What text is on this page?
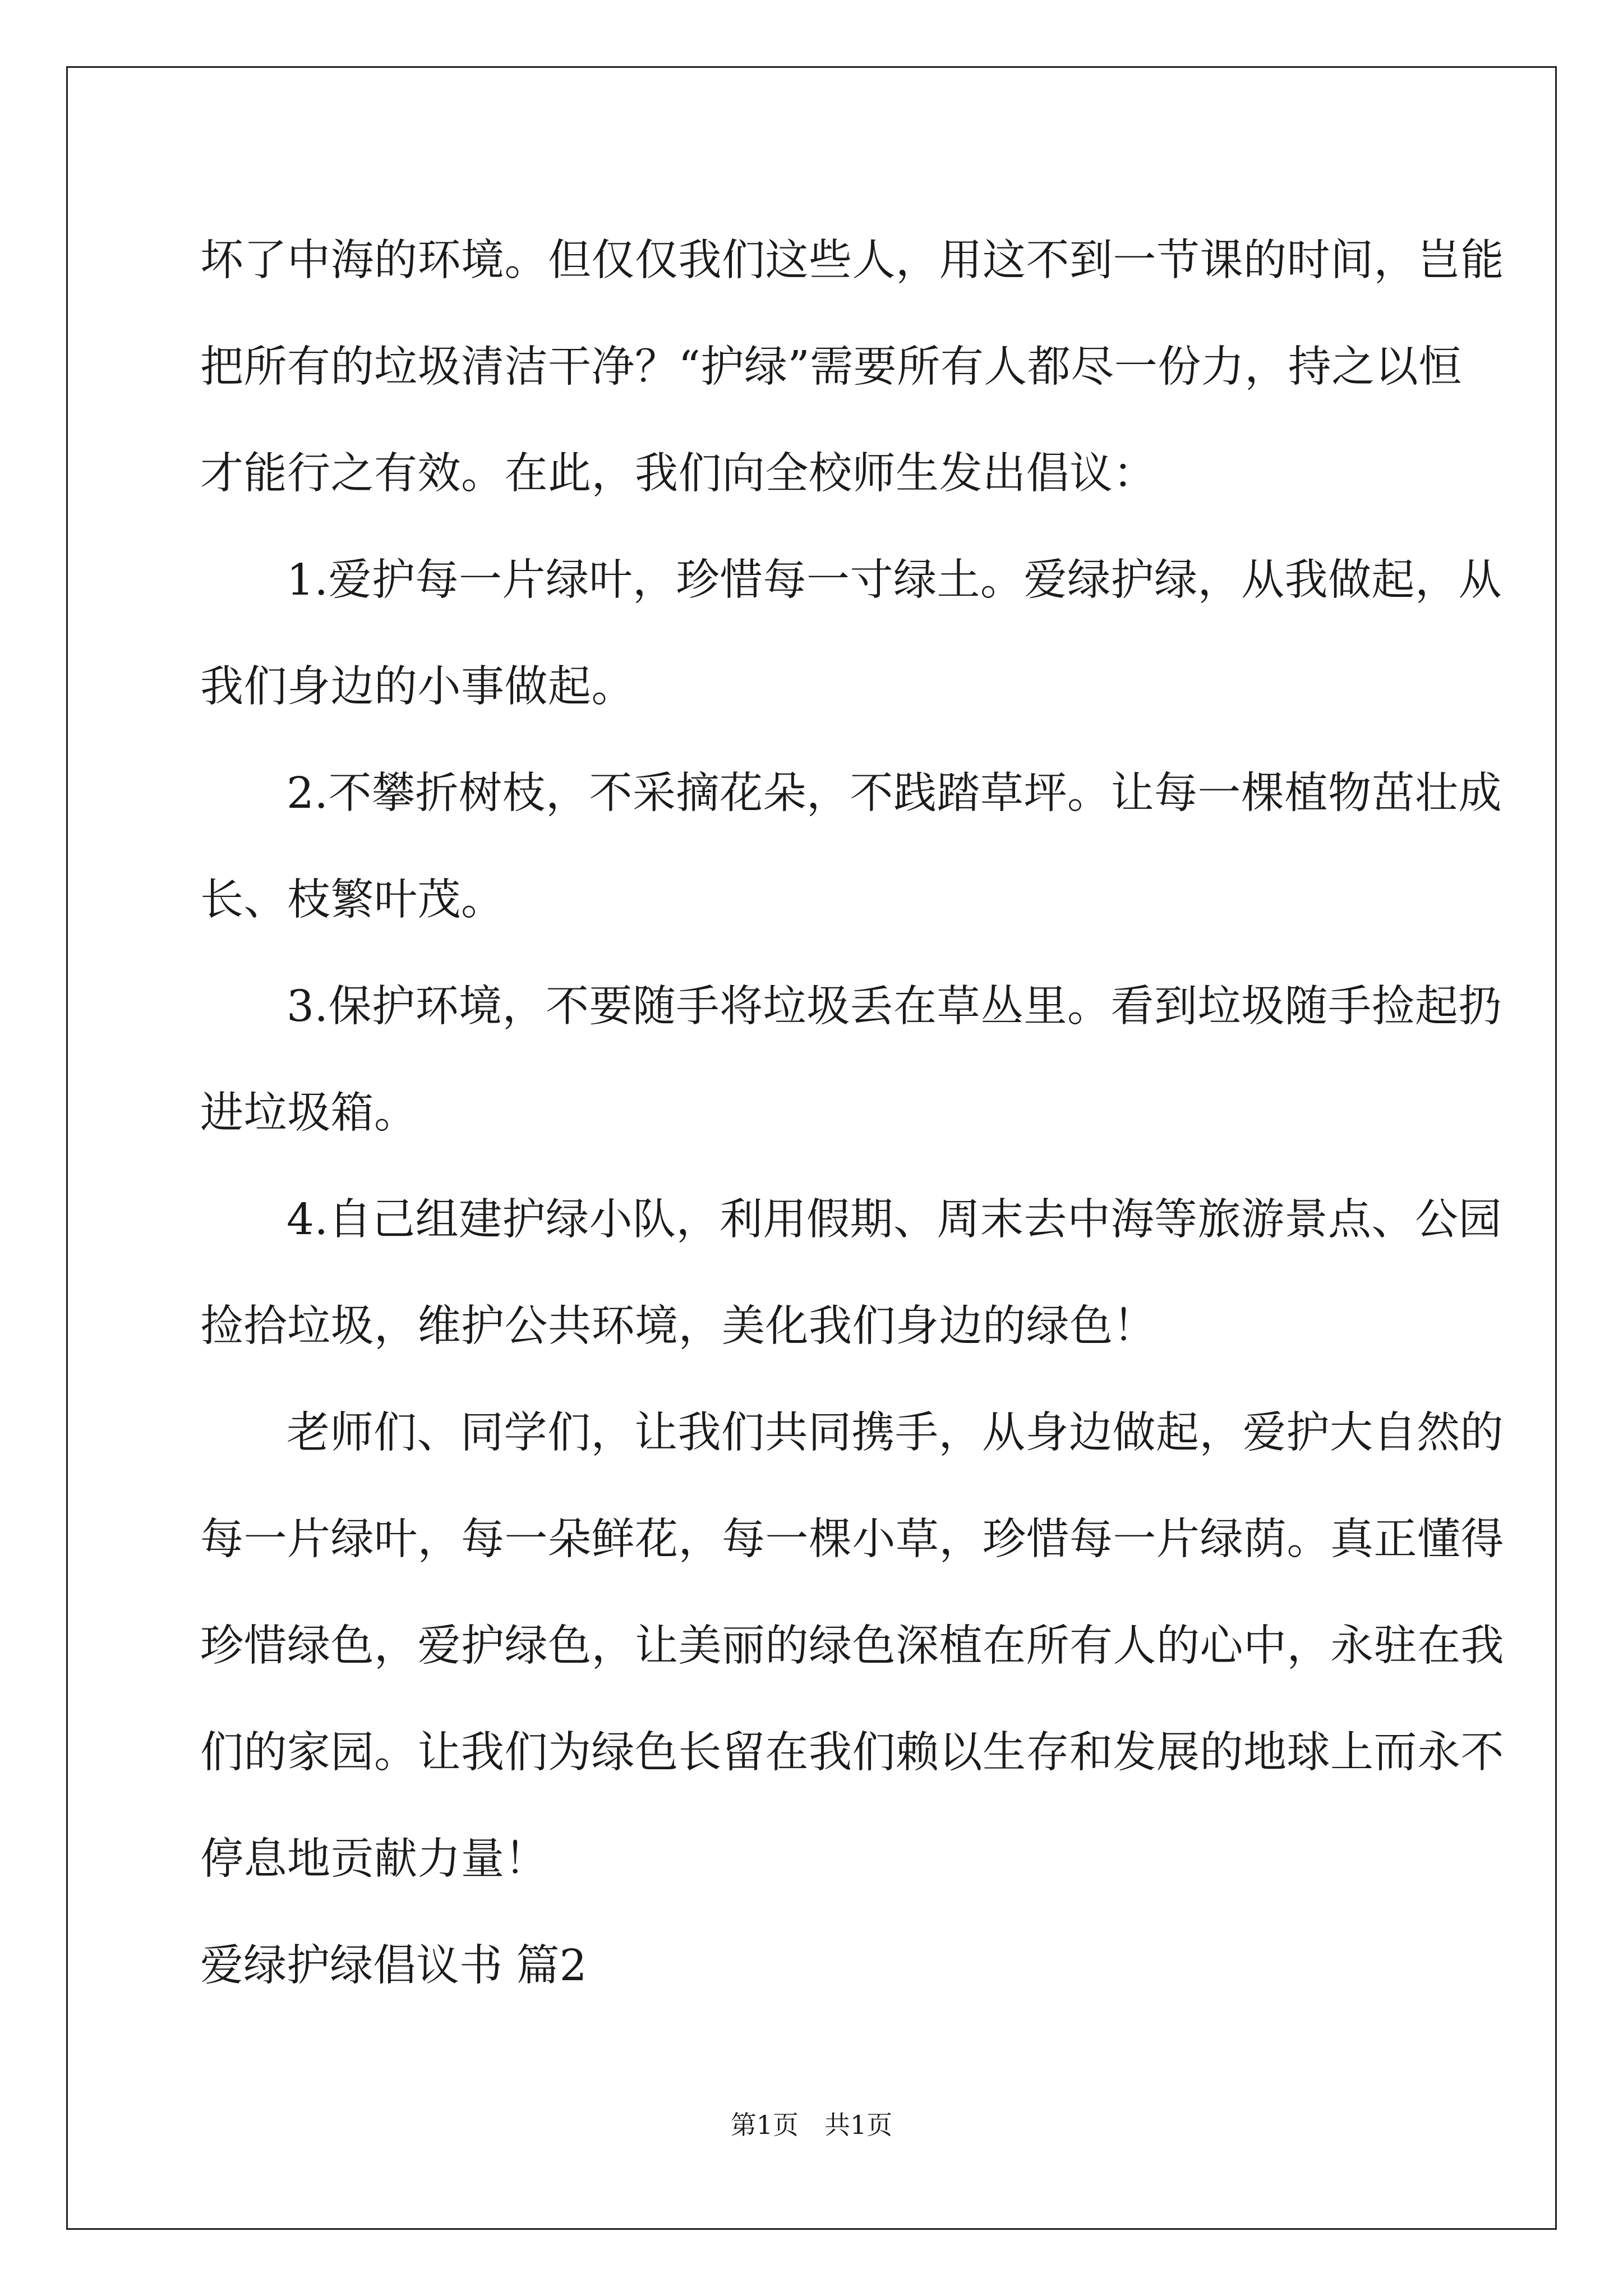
坏了中海的环境。但仅仅我们这些人，用这不到一节课的时间，岂能
把所有的垃圾清洁干净？“护绿”需要所有人都尽一份力，持之以恒
才能行之有效。在此，我们向全校师生发出倡议：
1.爱护每一片绿叶，珍惜每一寸绿土。爱绿护绿，从我做起，从
我们身边的小事做起。
2.不攀折树枝，不采摘花朵，不践踏草坪。让每一棵植物茁壮成
长、枝繁叶茂。
3.保护环境，不要随手将垃圾丢在草丛里。看到垃圾随手捡起扔
进垃圾箱。
4.自己组建护绿小队，利用假期、周末去中海等旅游景点、公园
捡拾垃圾，维护公共环境，美化我们身边的绿色！
老师们、同学们，让我们共同携手，从身边做起，爱护大自然的
每一片绿叶，每一朵鲜花，每一棵小草，珍惜每一片绿荫。真正懂得
珍惜绿色，爱护绿色，让美丽的绿色深植在所有人的心中，永驻在我
们的家园。让我们为绿色长留在我们赖以生存和发展的地球上而永不
停息地贡献力量！
爱绿护绿倡议书 篇2
第1页　共1页
